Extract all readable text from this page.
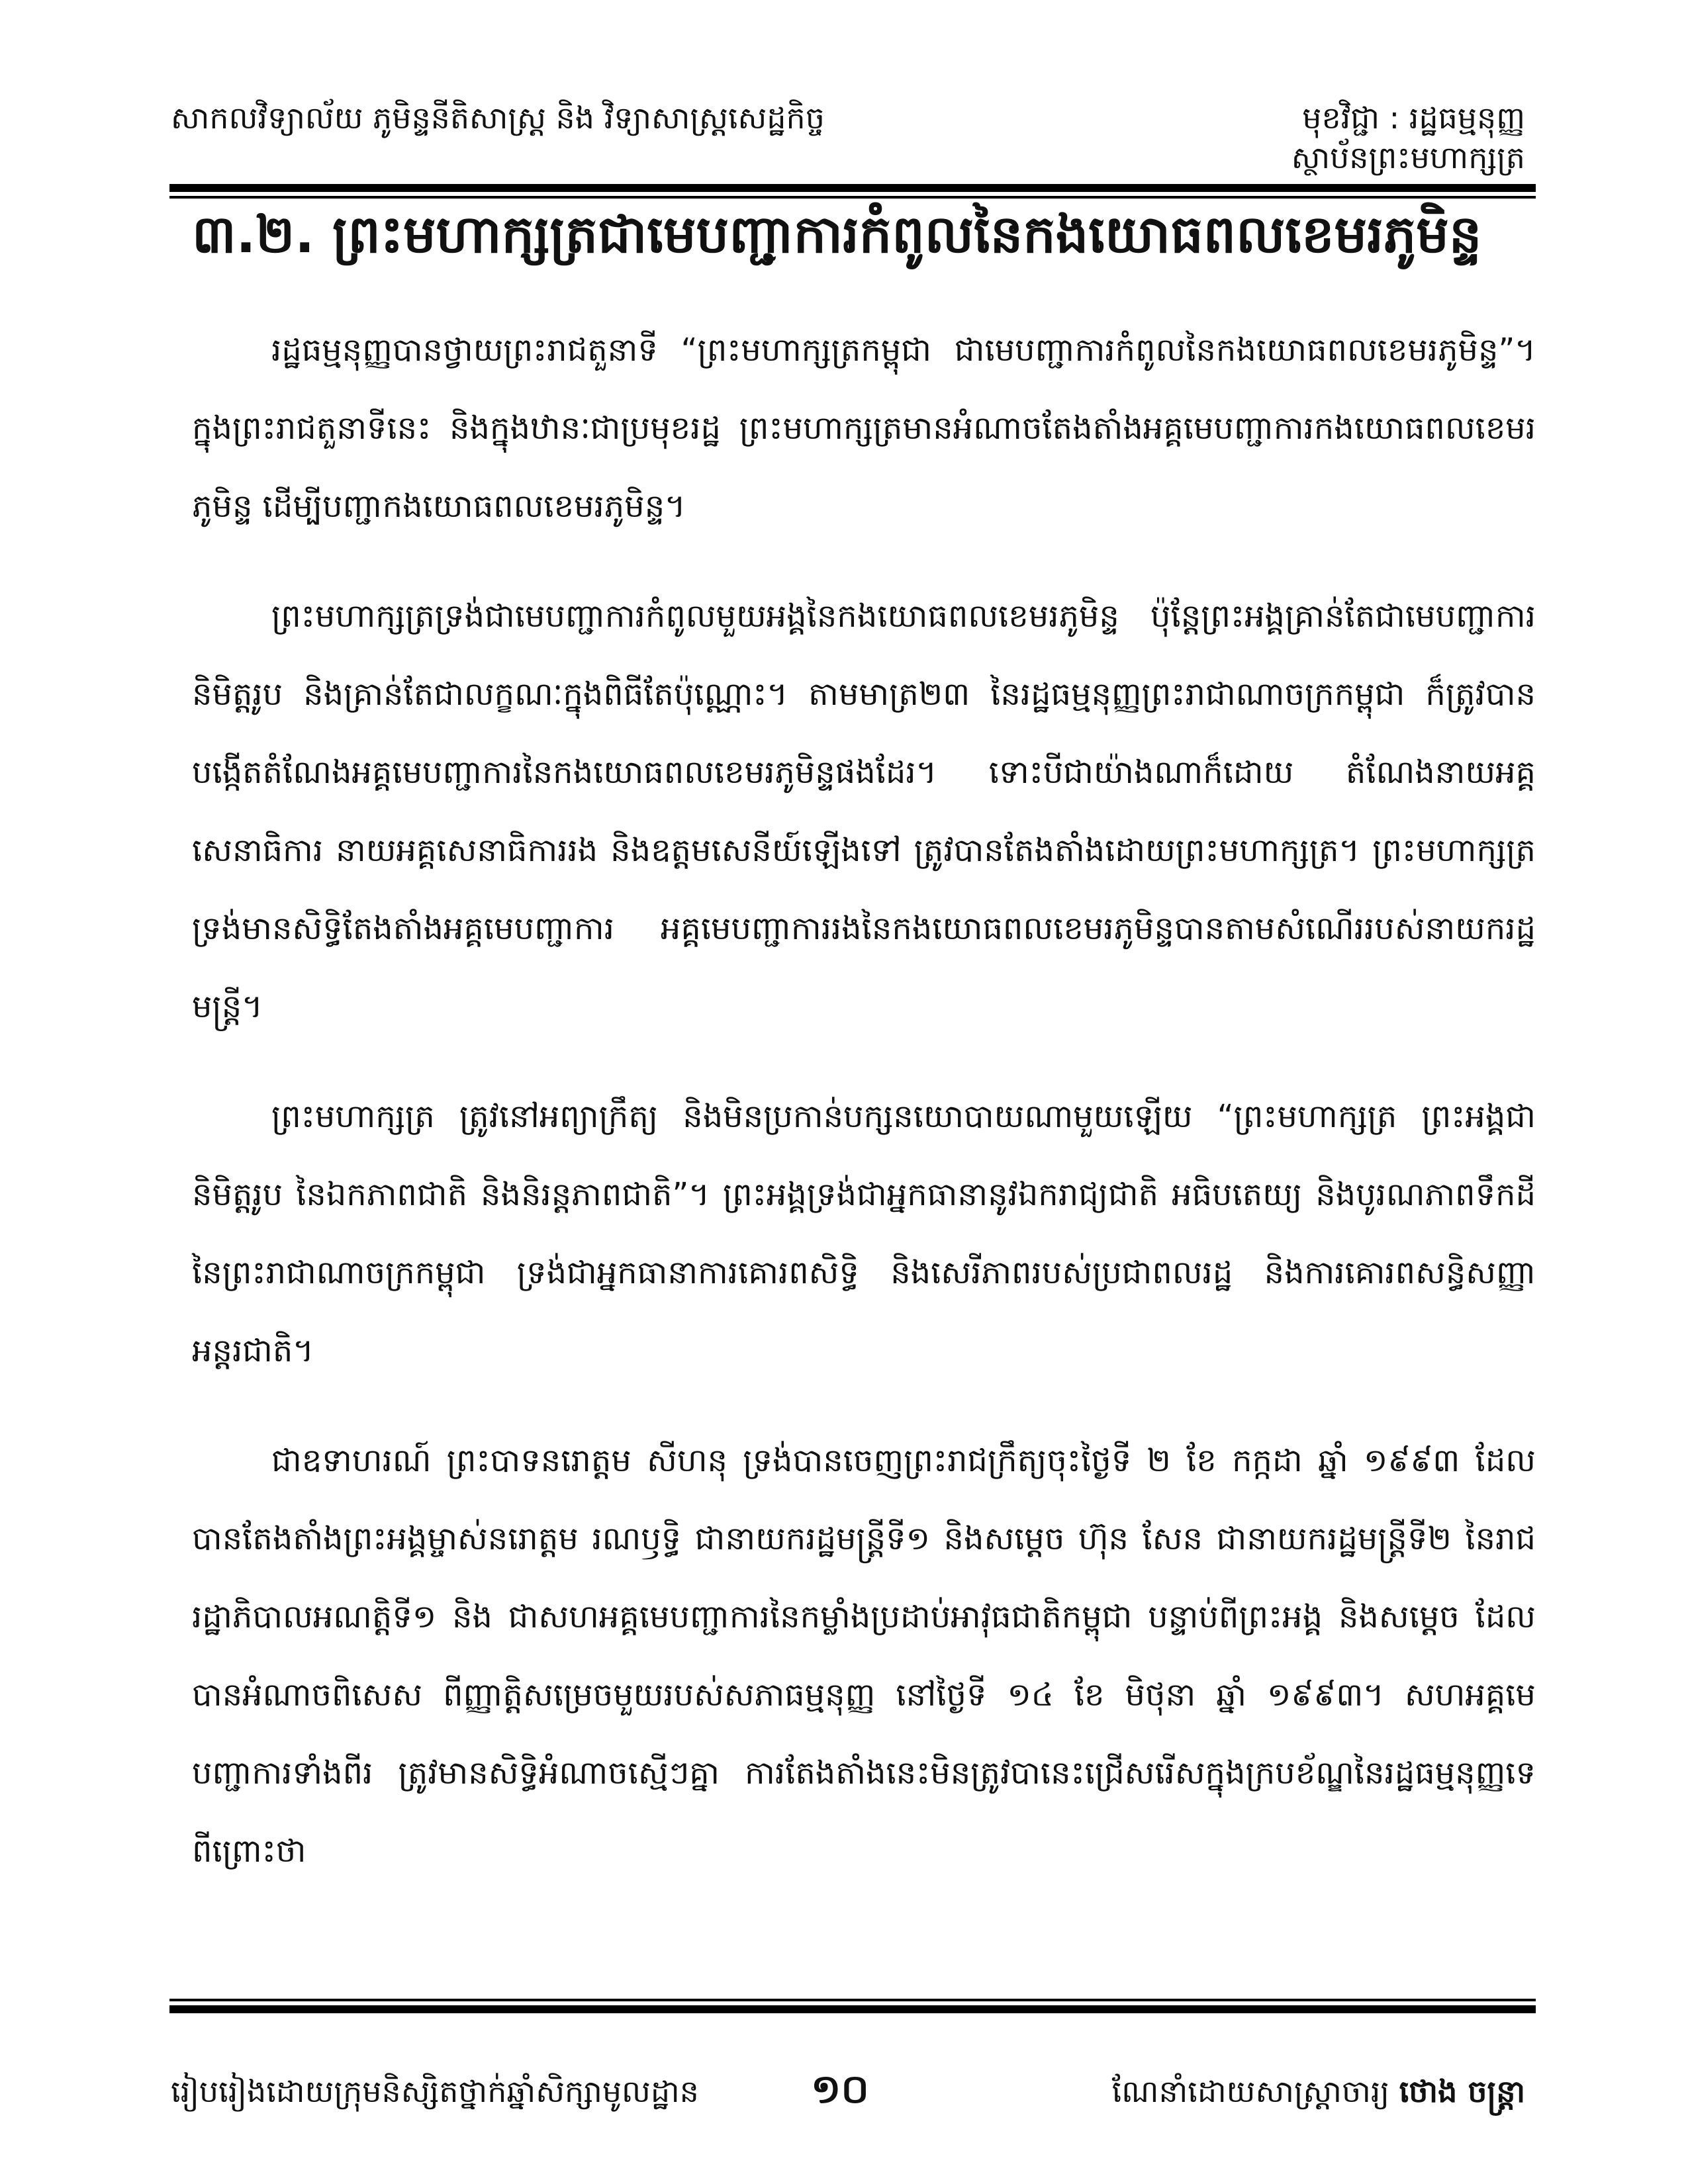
សាកលវិទ្យាល័យ ភូមិន្ទនីតិសាស្ត្រ និង វិទ្យាសាស្ត្រសេដ្ឋកិច្ច	មុខវិជ្ជា : រដ្ឋធម្មនុញ្ញ
ស្ថាប័នព្រះមហាក្សត្រ
៣.២. ព្រះមហាក្សត្រជាមេបញ្ជាការកំពូលនៃកងយោធពលខេមរភូមិន្ទ

រដ្ឋធម្មនុញ្ញបានថ្វាយព្រះរាជតួនាទី “ព្រះមហាក្សត្រកម្ពុជា ជាមេបញ្ជាការកំពូលនៃកងយោធពលខេមរភូមិន្ទ”។ ក្នុងព្រះរាជតួនាទីនេះ និងក្នុងឋានៈជាប្រមុខរដ្ឋ ព្រះមហាក្សត្រមានអំណាចតែងតាំងអគ្គមេបញ្ជាការកងយោធពលខេមរភូមិន្ទ ដើម្បីបញ្ជាកងយោធពលខេមរភូមិន្ទ។

ព្រះមហាក្សត្រទ្រង់ជាមេបញ្ជាការកំពូលមួយអង្គនៃកងយោធពលខេមរភូមិន្ទ ប៉ុន្តែព្រះអង្គគ្រាន់តែជាមេបញ្ជាការនិមិត្តរូប និងគ្រាន់តែជាលក្ខណៈក្នុងពិធីតែប៉ុណ្ណោះ។ តាមមាត្រ២៣ នៃរដ្ឋធម្មនុញ្ញព្រះរាជាណាចក្រកម្ពុជា ក៏ត្រូវបានបង្កើតតំណែងអគ្គមេបញ្ជាការនៃកងយោធពលខេមរភូមិន្ទផងដែរ។ ទោះបីជាយ៉ាងណាក៏ដោយ តំណែងនាយអគ្គសេនាធិការ នាយអគ្គសេនាធិការរង និងឧត្តមសេនីយ៍ឡើងទៅ ត្រូវបានតែងតាំងដោយព្រះមហាក្សត្រ។ ព្រះមហាក្សត្រទ្រង់មានសិទ្ធិតែងតាំងអគ្គមេបញ្ជាការ អគ្គមេបញ្ជាការរងនៃកងយោធពលខេមរភូមិន្ទបានតាមសំណើររបស់នាយករដ្ឋមន្ត្រី។

ព្រះមហាក្សត្រ ត្រូវនៅអព្យាក្រឹត្យ និងមិនប្រកាន់បក្សនយោបាយណាមួយឡើយ “ព្រះមហាក្សត្រ ព្រះអង្គជានិមិត្តរូប នៃឯកភាពជាតិ និងនិរន្តភាពជាតិ”។ ព្រះអង្គទ្រង់ជាអ្នកធានានូវឯករាជ្យជាតិ អធិបតេយ្យ និងបូរណភាពទឹកដីនៃព្រះរាជាណាចក្រកម្ពុជា ទ្រង់ជាអ្នកធានាការគោរពសិទ្ធិ និងសេរីភាពរបស់ប្រជាពលរដ្ឋ និងការគោរពសន្ធិសញ្ញាអន្តរជាតិ។

ជាឧទាហរណ៍ ព្រះបាទនរោត្តម សីហនុ ទ្រង់បានចេញព្រះរាជក្រឹត្យចុះថ្ងៃទី ២ ខែ កក្កដា ឆ្នាំ ១៩៩៣ ដែលបានតែងតាំងព្រះអង្គម្ចាស់នរោត្តម រណឫទ្ធិ ជានាយករដ្ឋមន្ត្រីទី១ និងសម្តេច ហ៊ុន សែន ជានាយករដ្ឋមន្ត្រីទី២ នៃរាជរដ្ឋាភិបាលអណត្តិទី១ និង ជាសហអគ្គមេបញ្ជាការនៃកម្លាំងប្រដាប់អាវុធជាតិកម្ពុជា បន្ទាប់ពីព្រះអង្គ និងសម្តេច ដែលបានអំណាចពិសេស ពីញ្ញាត្តិសម្រេចមួយរបស់សភាធម្មនុញ្ញ នៅថ្ងៃទី ១៤ ខែ មិថុនា ឆ្នាំ ១៩៩៣។ សហអគ្គមេបញ្ជាការទាំងពីរ ត្រូវមានសិទ្ធិអំណាចស្មើៗគ្នា ការតែងតាំងនេះមិនត្រូវបានេះជ្រើសរើសក្នុងក្របខ័ណ្ឌនៃរដ្ឋធម្មនុញ្ញទេ ពីព្រោះថា

រៀបរៀងដោយក្រុមនិស្សិតថ្នាក់ឆ្នាំសិក្សាមូលដ្ឋាន	១០	ណែនាំដោយសាស្ត្រាចារ្យ ថោង ចន្ត្រា
